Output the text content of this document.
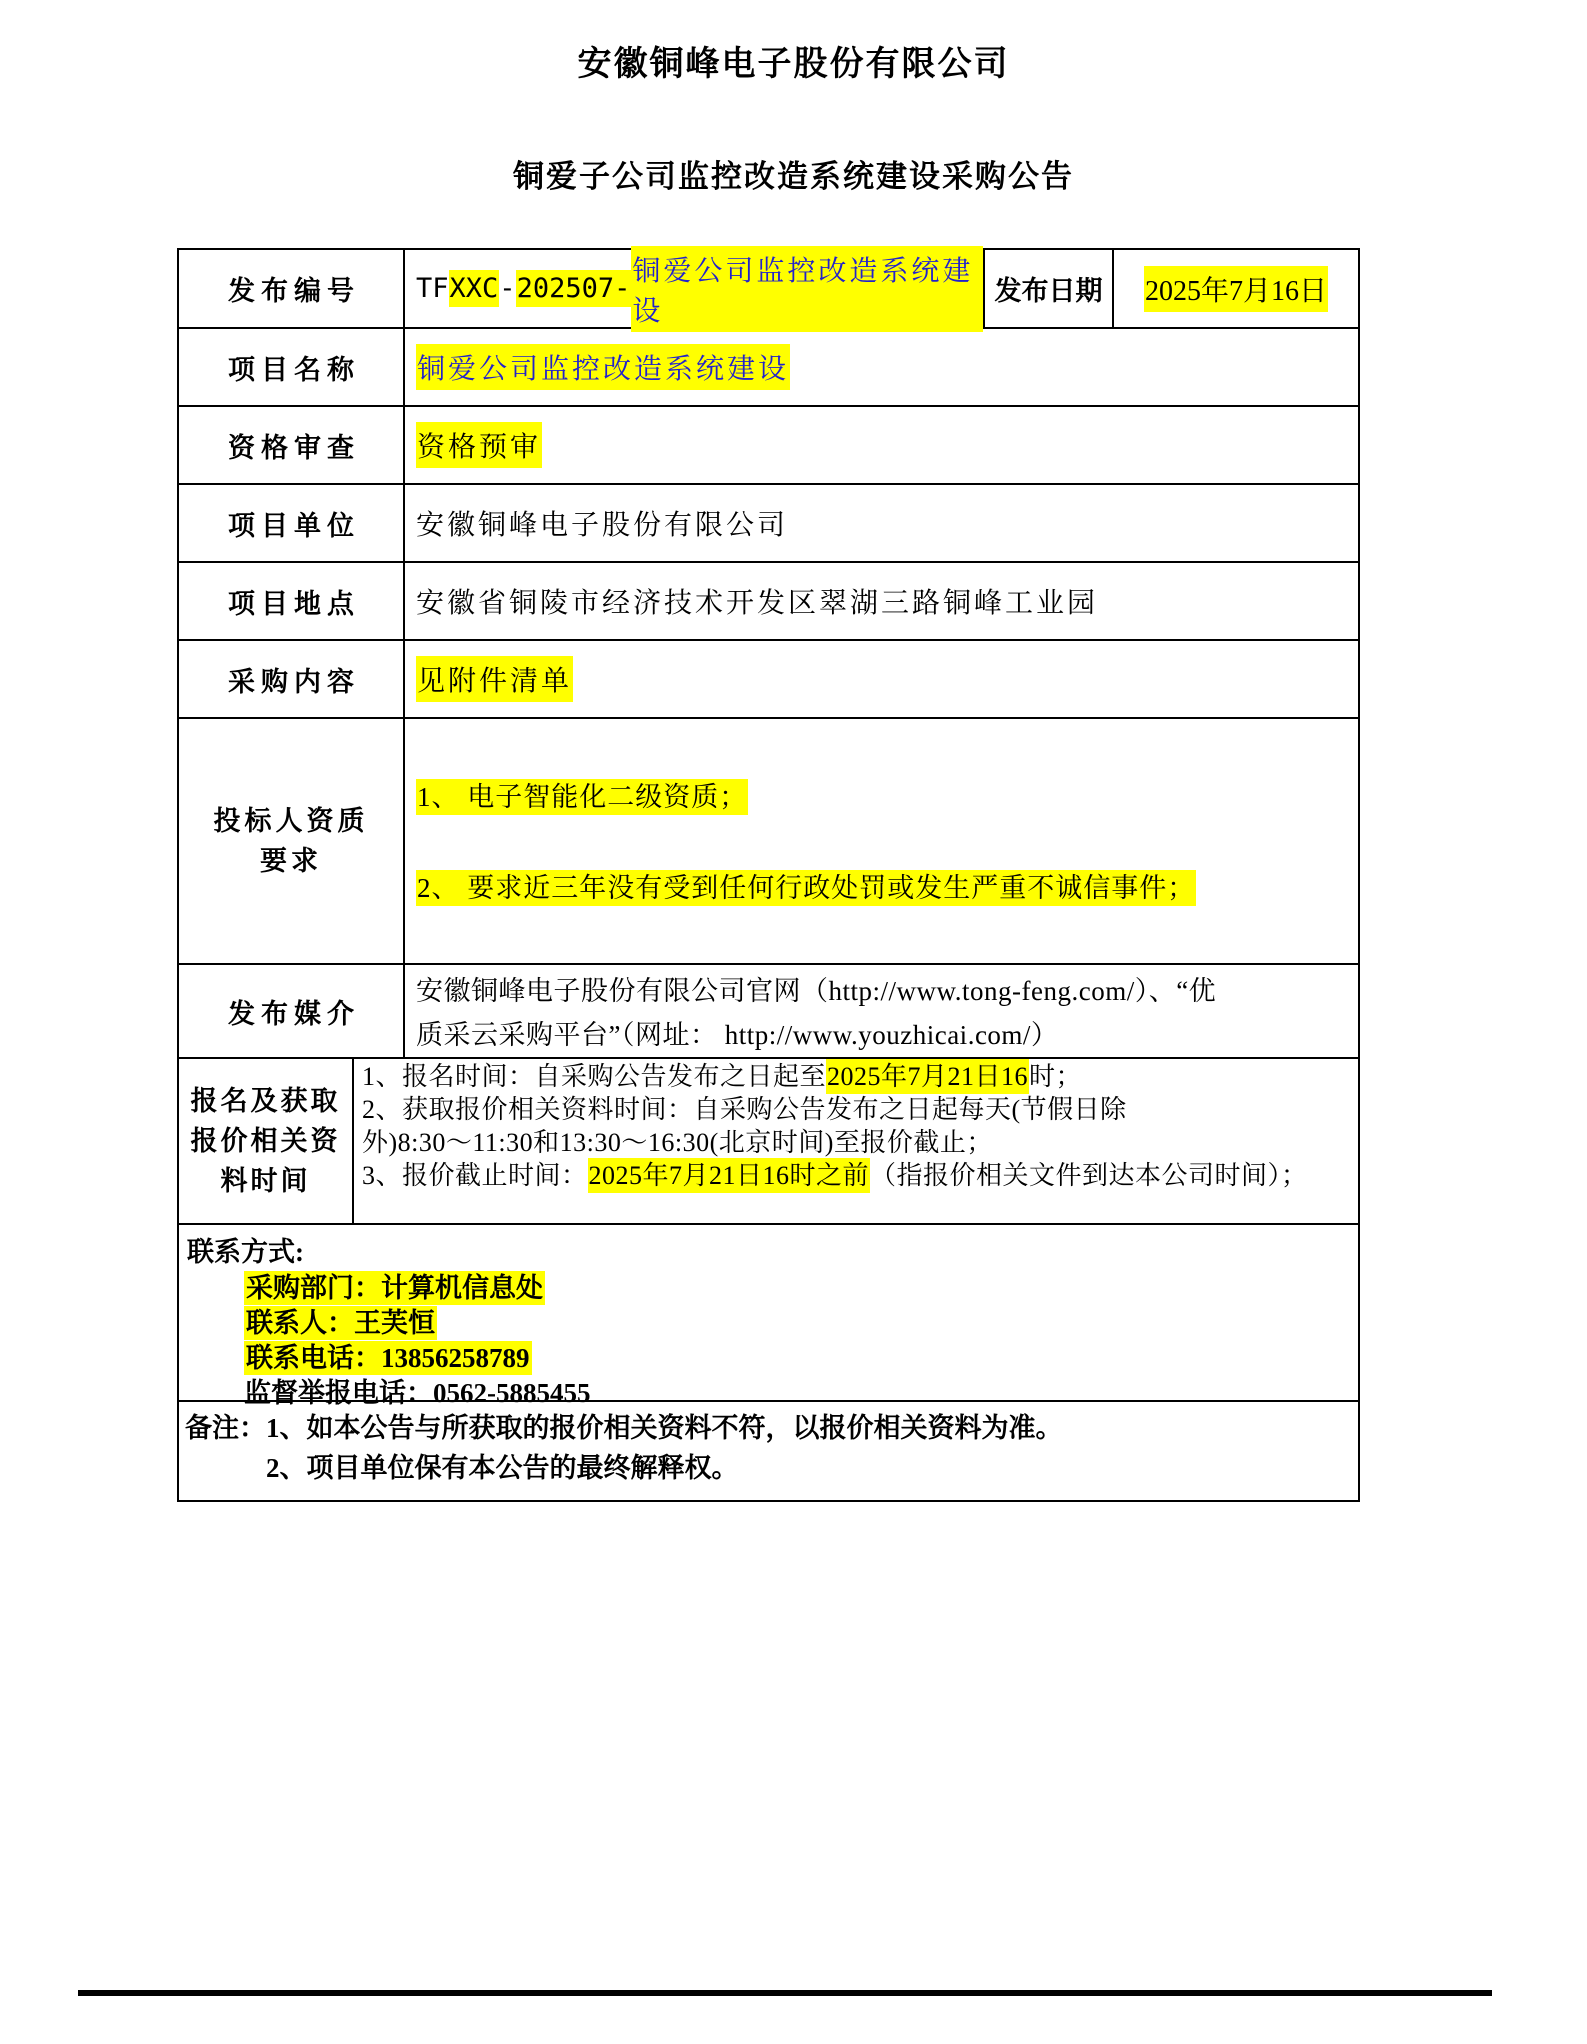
安徽铜峰电子股份有限公司
铜爱子公司监控改造系统建设采购公告
发布编号 TFXXC-202507-
铜爱公司监控改造系统建设
发布日期 2025年7月16日
项目名称 铜爱公司监控改造系统建设
资格审查 资格预审
项目单位 安徽铜峰电子股份有限公司
项目地点 安徽省铜陵市经济技术开发区翠湖三路铜峰工业园
采购内容 见附件清单
投标人资质要求
1、 电子智能化二级资质；
2、 要求近三年没有受到任何行政处罚或发生严重不诚信事件；
发布媒介
安徽铜峰电子股份有限公司官网（http://www.tong-feng.com/）、“优
质采云采购平台”（网址： http://www.youzhicai.com/）
报名及获取报价相关资料时间
1、报名时间：自采购公告发布之日起至2025年7月21日16时；
2、获取报价相关资料时间：自采购公告发布之日起每天(节假日除
外)8:30～11:30和13:30～16:30(北京时间)至报价截止；
3、报价截止时间：2025年7月21日16时之前（指报价相关文件到达本公司时间）；
联系方式:
采购部门：计算机信息处
联系人：王芙恒
联系电话：13856258789
监督举报电话：0562-5885455
备注： 1、如本公告与所获取的报价相关资料不符，以报价相关资料为准。
2、项目单位保有本公告的最终解释权。
